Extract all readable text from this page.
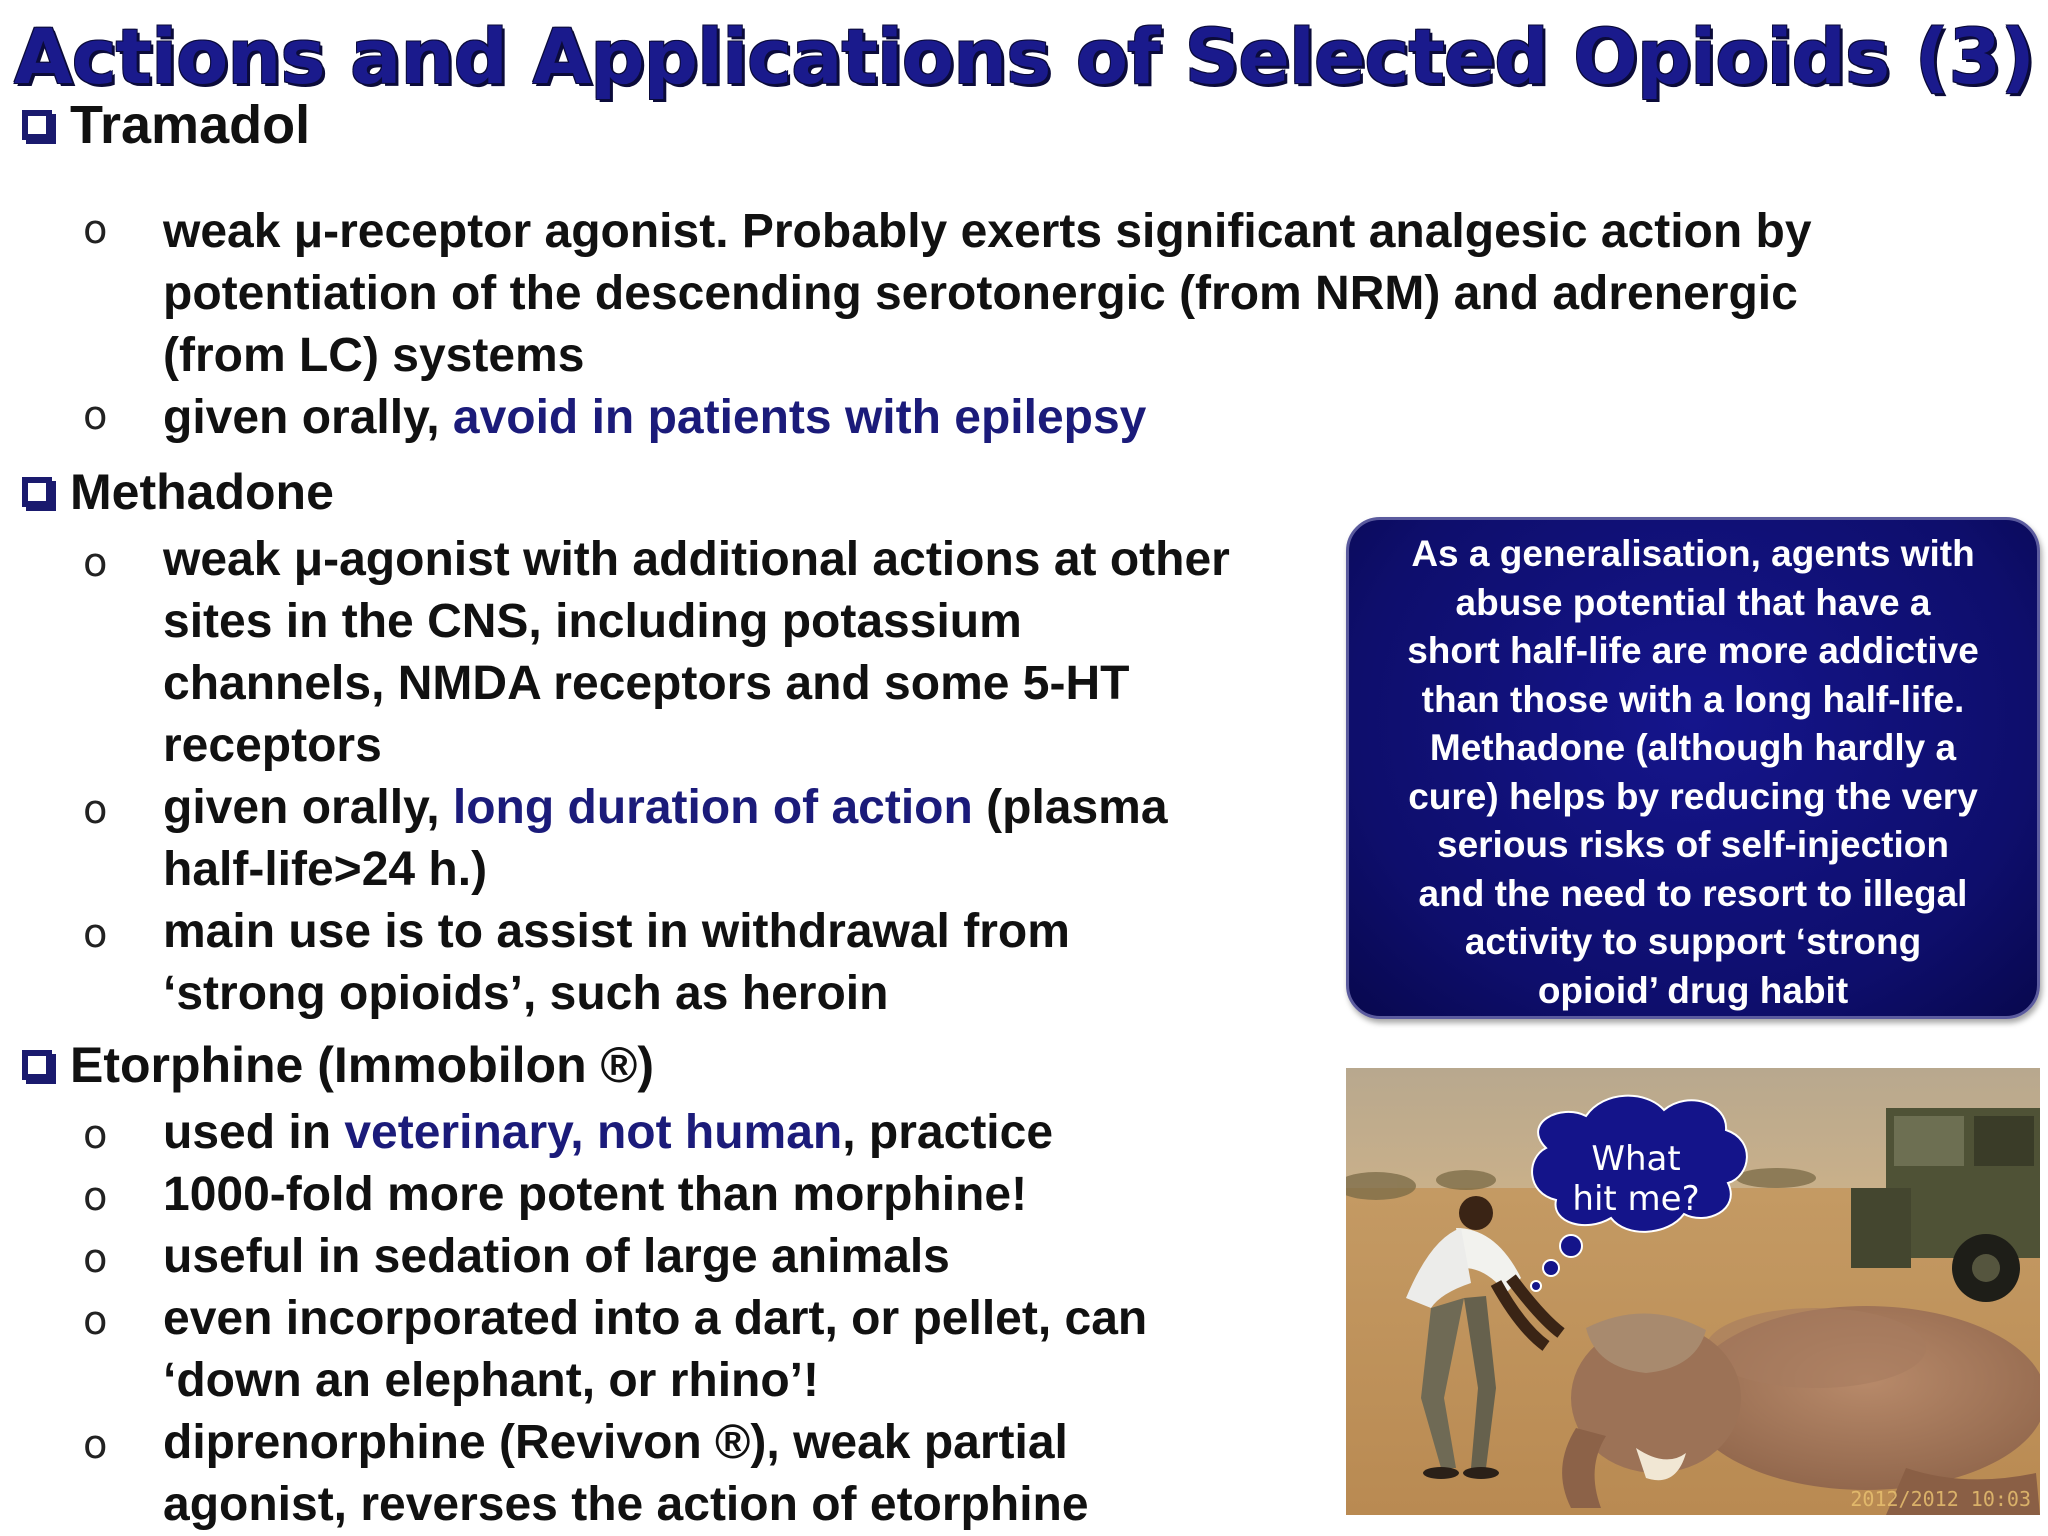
Actions and Applications of Selected Opioids (3)
Tramadol
o weak μ-receptor agonist. Probably exerts significant analgesic action by
potentiation of the descending serotonergic (from NRM) and adrenergic
(from LC) systems
o given orally, avoid in patients with epilepsy
Methadone
o weak μ-agonist with additional actions at other
sites in the CNS, including potassium
channels, NMDA receptors and some 5-HT
receptors
o given orally, long duration of action (plasma
half-life>24 h.)
o main use is to assist in withdrawal from
‘strong opioids’, such as heroin
Etorphine (Immobilon ®)
o used in veterinary, not human, practice
o 1000-fold more potent than morphine!
o useful in sedation of large animals
o even incorporated into a dart, or pellet, can
‘down an elephant, or rhino’!
o diprenorphine (Revivon ®), weak partial
agonist, reverses the action of etorphine
As a generalisation, agents with
abuse potential that have a
short half-life are more addictive
than those with a long half-life.
Methadone (although hardly a
cure) helps by reducing the very
serious risks of self-injection
and the need to resort to illegal
activity to support ‘strong
opioid’ drug habit
What
hit me?
2012/2012 10:03
